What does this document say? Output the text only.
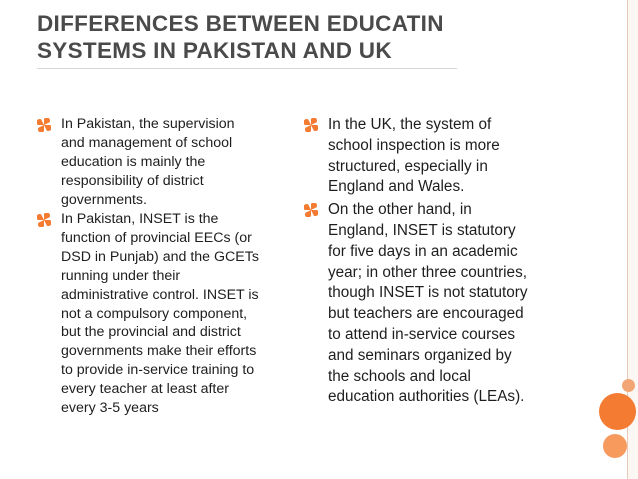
DIFFERENCES BETWEEN EDUCATIN
SYSTEMS IN PAKISTAN AND UK
In Pakistan, the supervision
and management of school
education is mainly the
responsibility of district
governments.
In Pakistan, INSET is the
function of provincial EECs (or
DSD in Punjab) and the GCETs
running under their
administrative control. INSET is
not a compulsory component,
but the provincial and district
governments make their efforts
to provide in-service training to
every teacher at least after
every 3-5 years
In the UK, the system of
school inspection is more
structured, especially in
England and Wales.
On the other hand, in
England, INSET is statutory
for five days in an academic
year; in other three countries,
though INSET is not statutory
but teachers are encouraged
to attend in-service courses
and seminars organized by
the schools and local
education authorities (LEAs).
